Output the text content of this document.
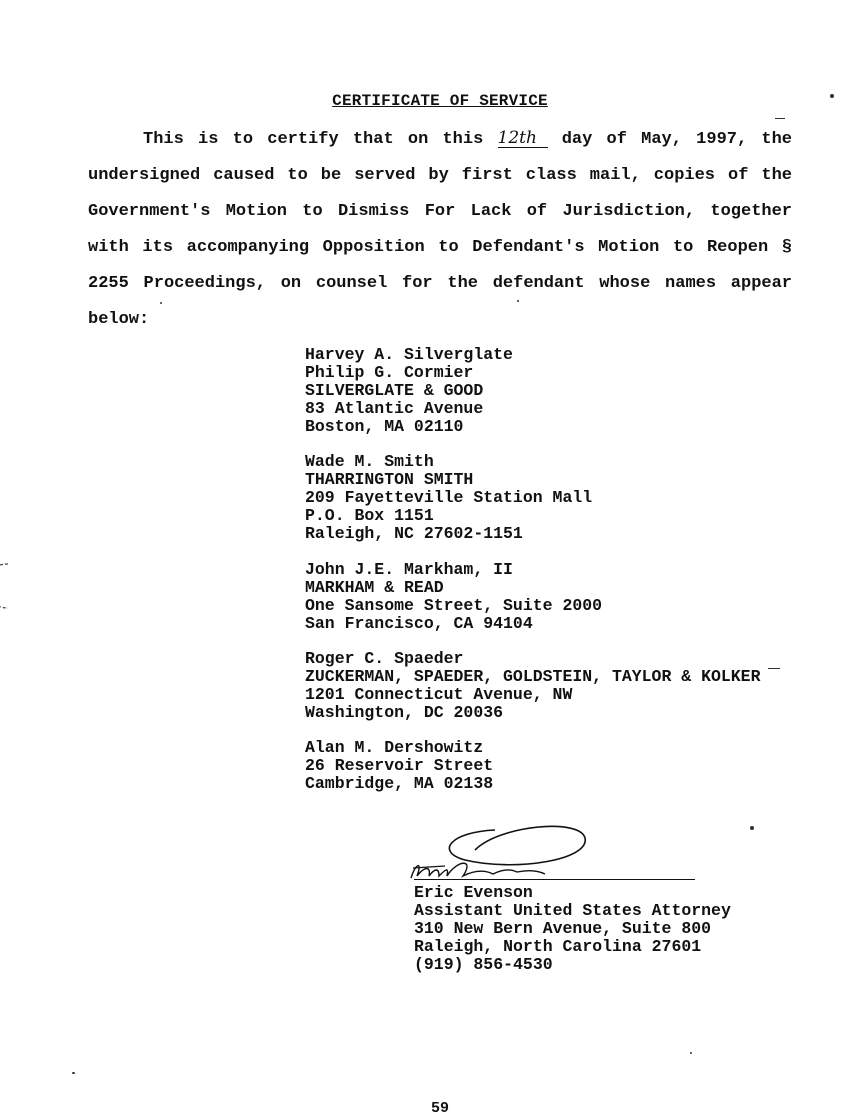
CERTIFICATE OF SERVICE
This is to certify that on this 12th day of May, 1997, the
undersigned caused to be served by first class mail, copies of the
Government's Motion to Dismiss For Lack of Jurisdiction, together
with its accompanying Opposition to Defendant's Motion to Reopen §
2255 Proceedings, on counsel for the defendant whose names appear
below:
Harvey A. Silverglate
Philip G. Cormier
SILVERGLATE & GOOD
83 Atlantic Avenue
Boston, MA 02110
Wade M. Smith
THARRINGTON SMITH
209 Fayetteville Station Mall
P.O. Box 1151
Raleigh, NC 27602-1151
John J.E. Markham, II
MARKHAM & READ
One Sansome Street, Suite 2000
San Francisco, CA 94104
Roger C. Spaeder
ZUCKERMAN, SPAEDER, GOLDSTEIN, TAYLOR & KOLKER
1201 Connecticut Avenue, NW
Washington, DC 20036
Alan M. Dershowitz
26 Reservoir Street
Cambridge, MA 02138
Eric Evenson
Assistant United States Attorney
310 New Bern Avenue, Suite 800
Raleigh, North Carolina 27601
(919) 856-4530
59
